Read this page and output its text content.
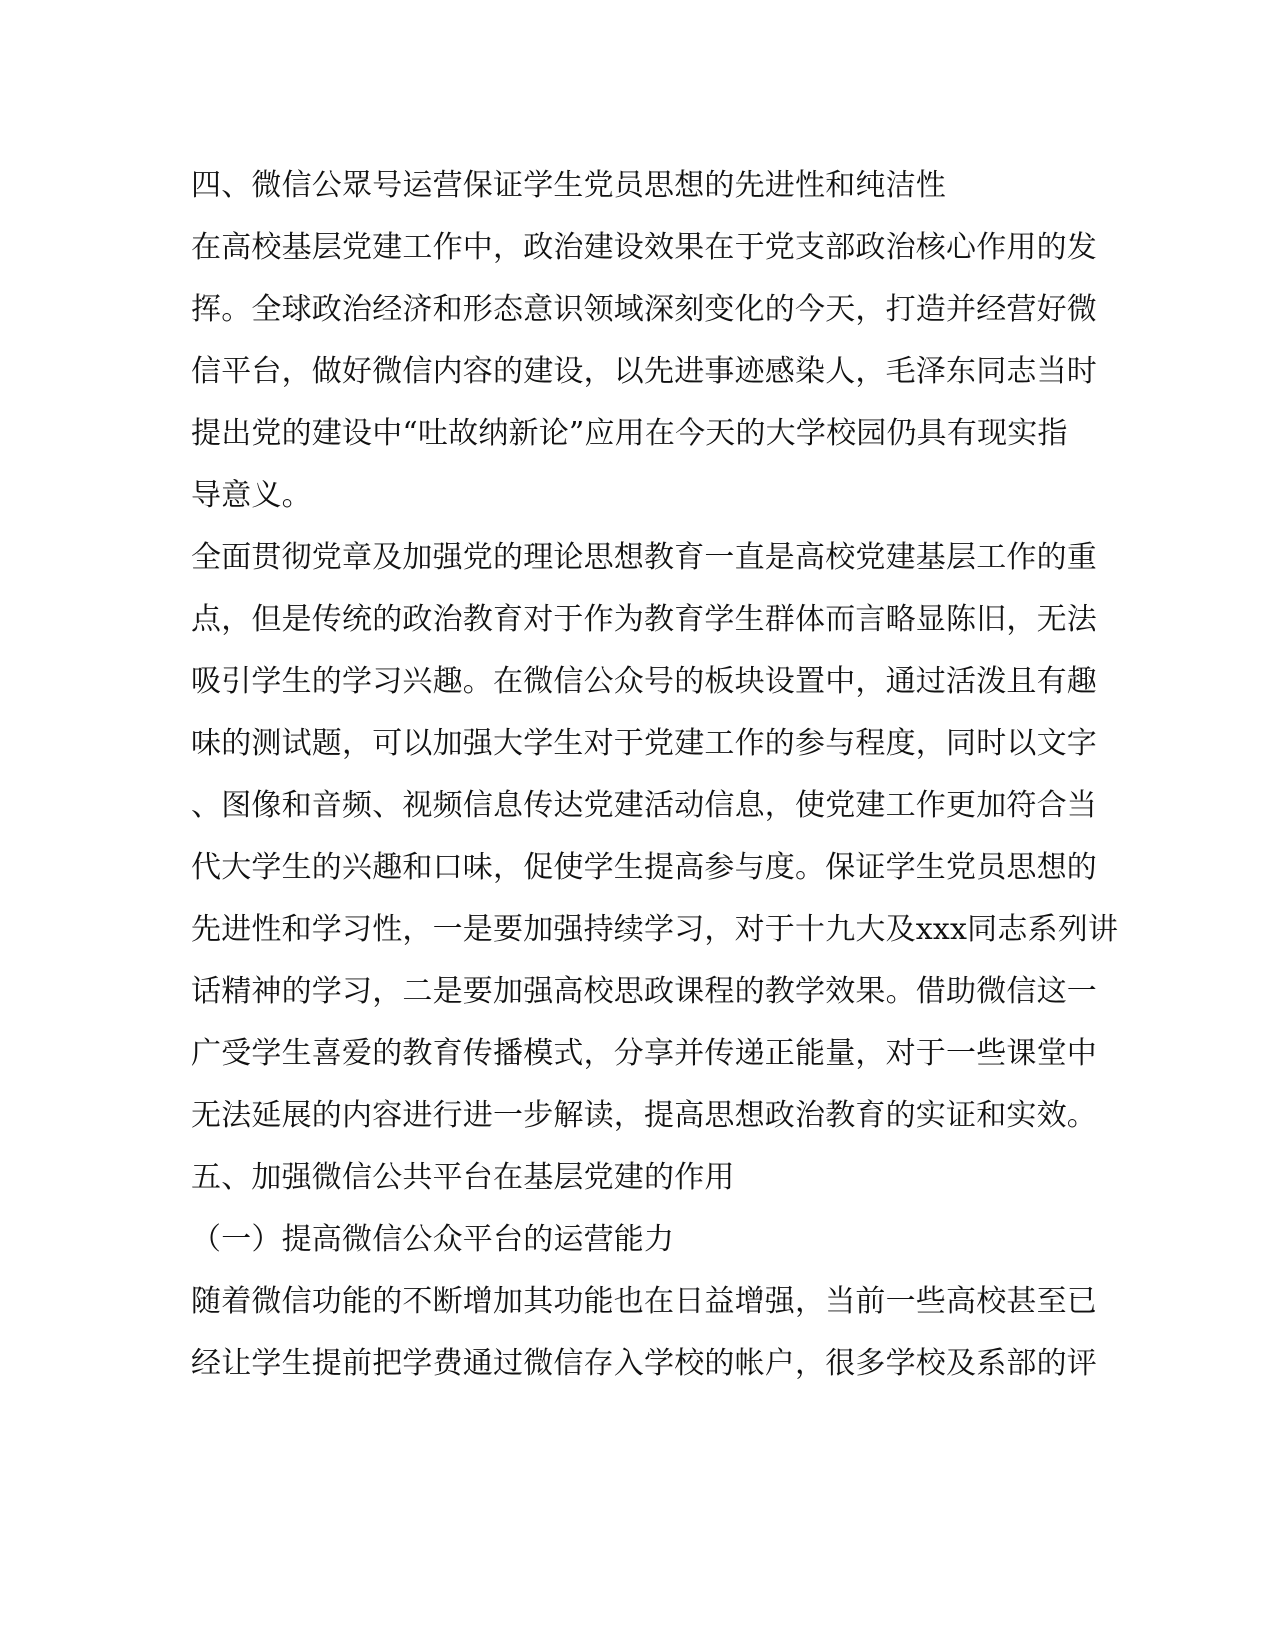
四、微信公眾号运营保证学生党员思想的先进性和纯洁性
在高校基层党建工作中，政治建设效果在于党支部政治核心作用的发
挥。全球政治经济和形态意识领域深刻变化的今天，打造并经营好微
信平台，做好微信内容的建设，以先进事迹感染人，毛泽东同志当时
提出党的建设中“吐故纳新论”应用在今天的大学校园仍具有现实指
导意义。
全面贯彻党章及加强党的理论思想教育一直是高校党建基层工作的重
点，但是传统的政治教育对于作为教育学生群体而言略显陈旧，无法
吸引学生的学习兴趣。在微信公众号的板块设置中，通过活泼且有趣
味的测试题，可以加强大学生对于党建工作的参与程度，同时以文字
、图像和音频、视频信息传达党建活动信息，使党建工作更加符合当
代大学生的兴趣和口味，促使学生提高参与度。保证学生党员思想的
先进性和学习性，一是要加强持续学习，对于十九大及xxx同志系列讲
话精神的学习，二是要加强高校思政课程的教学效果。借助微信这一
广受学生喜爱的教育传播模式，分享并传递正能量，对于一些课堂中
无法延展的内容进行进一步解读，提高思想政治教育的实证和实效。
五、加强微信公共平台在基层党建的作用
（一）提高微信公众平台的运营能力
随着微信功能的不断增加其功能也在日益增强，当前一些高校甚至已
经让学生提前把学费通过微信存入学校的帐户，很多学校及系部的评
